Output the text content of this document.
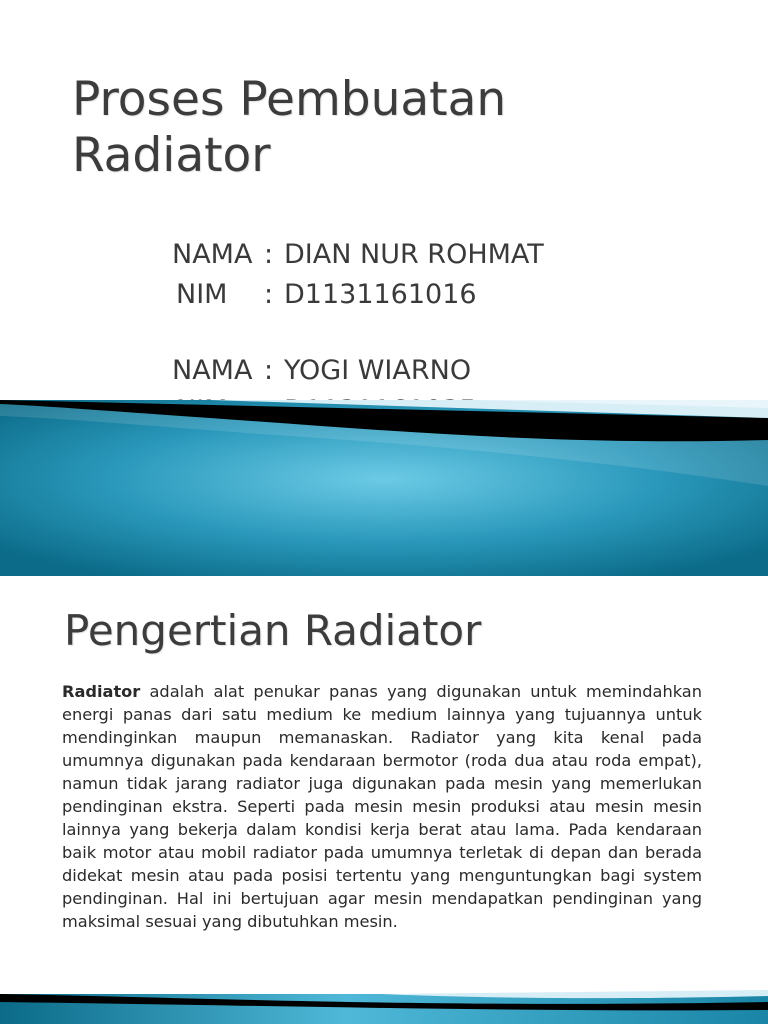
Proses Pembuatan
Radiator
NAMA : DIAN NUR ROHMAT
NIM	: D1131161016
NAMA : YOGI WIARNO
Pengertian Radiator

Radiator adalah alat penukar panas yang digunakan untuk memindahkan energi panas dari satu medium ke medium lainnya yang tujuannya untuk mendinginkan maupun memanaskan. Radiator yang kita kenal pada umumnya digunakan pada kendaraan bermotor (roda dua atau roda empat), namun tidak jarang radiator juga digunakan pada mesin yang memerlukan pendinginan ekstra. Seperti pada mesin mesin produksi atau mesin mesin lainnya yang bekerja dalam kondisi kerja berat atau lama. Pada kendaraan baik motor atau mobil radiator pada umumnya terletak di depan dan berada didekat mesin atau pada posisi tertentu yang menguntungkan bagi system pendinginan. Hal ini bertujuan agar mesin mendapatkan pendinginan yang maksimal sesuai yang dibutuhkan mesin.
